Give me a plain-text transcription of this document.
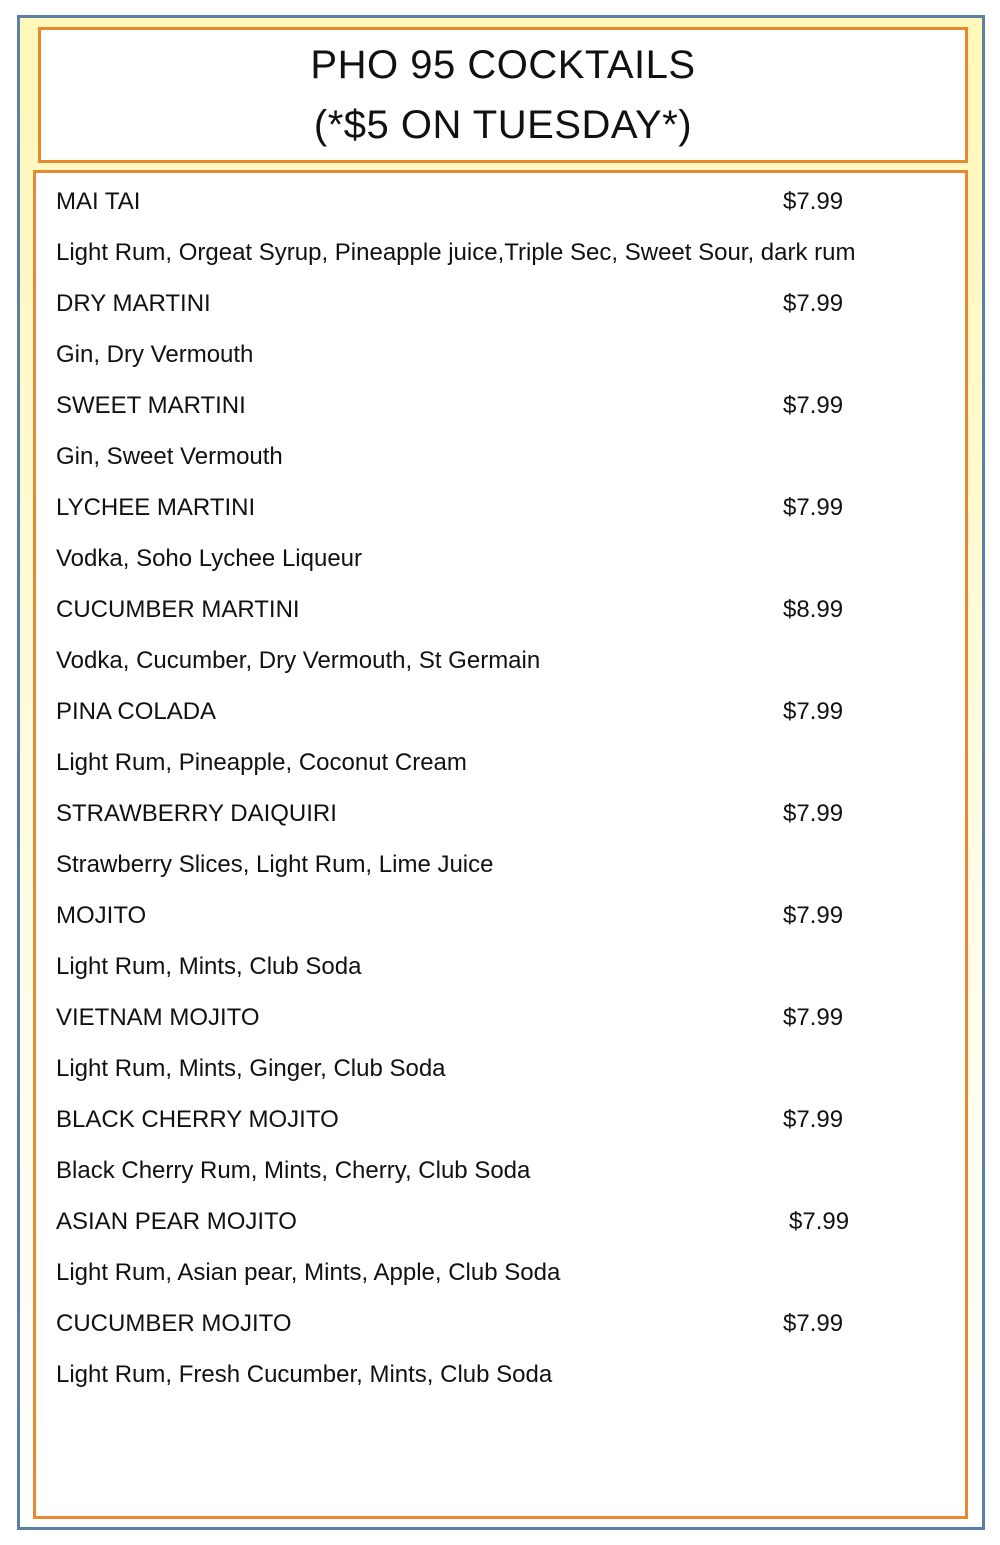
PHO 95 COCKTAILS
(*$5 ON TUESDAY*)
MAI TAI	$7.99
Light Rum, Orgeat Syrup, Pineapple juice,Triple Sec, Sweet Sour, dark rum
DRY MARTINI	$7.99
Gin, Dry Vermouth
SWEET MARTINI	$7.99
Gin, Sweet Vermouth
LYCHEE MARTINI	$7.99
Vodka, Soho Lychee Liqueur
CUCUMBER MARTINI	$8.99
Vodka, Cucumber, Dry Vermouth, St Germain
PINA COLADA	$7.99
Light Rum, Pineapple, Coconut Cream
STRAWBERRY DAIQUIRI	$7.99
Strawberry Slices, Light Rum, Lime Juice
MOJITO	$7.99
Light Rum, Mints, Club Soda
VIETNAM MOJITO	$7.99
Light Rum, Mints, Ginger, Club Soda
BLACK CHERRY MOJITO	$7.99
Black Cherry Rum, Mints, Cherry, Club Soda
ASIAN PEAR MOJITO	$7.99
Light Rum, Asian pear, Mints, Apple, Club Soda
CUCUMBER MOJITO	$7.99
Light Rum, Fresh Cucumber, Mints, Club Soda
